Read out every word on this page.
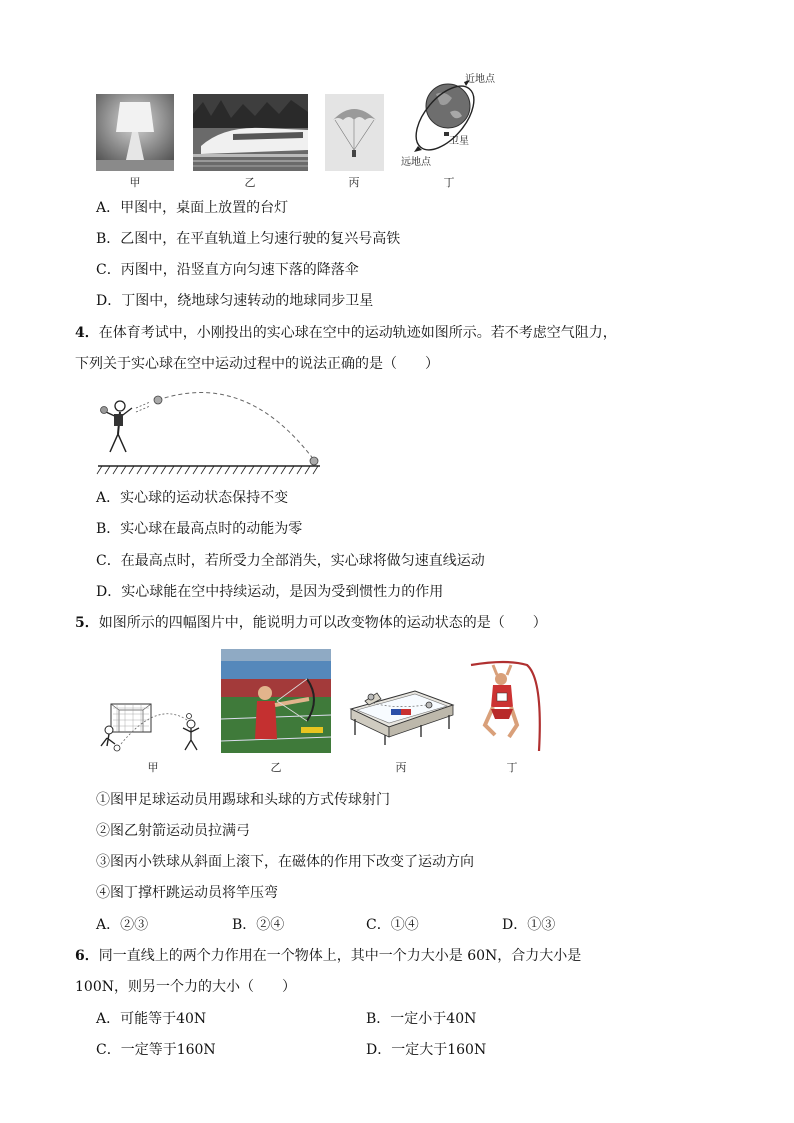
近地点
卫星
远地点
甲	乙	丙	丁
A．甲图中，桌面上放置的台灯
B．乙图中，在平直轨道上匀速行驶的复兴号高铁
C．丙图中，沿竖直方向匀速下落的降落伞
D．丁图中，绕地球匀速转动的地球同步卫星
4．在体育考试中，小刚投出的实心球在空中的运动轨迹如图所示。若不考虑空气阻力，
下列关于实心球在空中运动过程中的说法正确的是（　　）
A．实心球的运动状态保持不变
B．实心球在最高点时的动能为零
C．在最高点时，若所受力全部消失，实心球将做匀速直线运动
D．实心球能在空中持续运动，是因为受到惯性力的作用
5．如图所示的四幅图片中，能说明力可以改变物体的运动状态的是（　　）
甲	乙	丙	丁
①图甲足球运动员用踢球和头球的方式传球射门
②图乙射箭运动员拉满弓
③图丙小铁球从斜面上滚下，在磁体的作用下改变了运动方向
④图丁撑杆跳运动员将竿压弯
A．②③	B．②④	C．①④	D．①③
6．同一直线上的两个力作用在一个物体上，其中一个力大小是 60N，合力大小是
100N，则另一个力的大小（　　）
A．可能等于40N	B．一定小于40N
C．一定等于160N	D．一定大于160N
